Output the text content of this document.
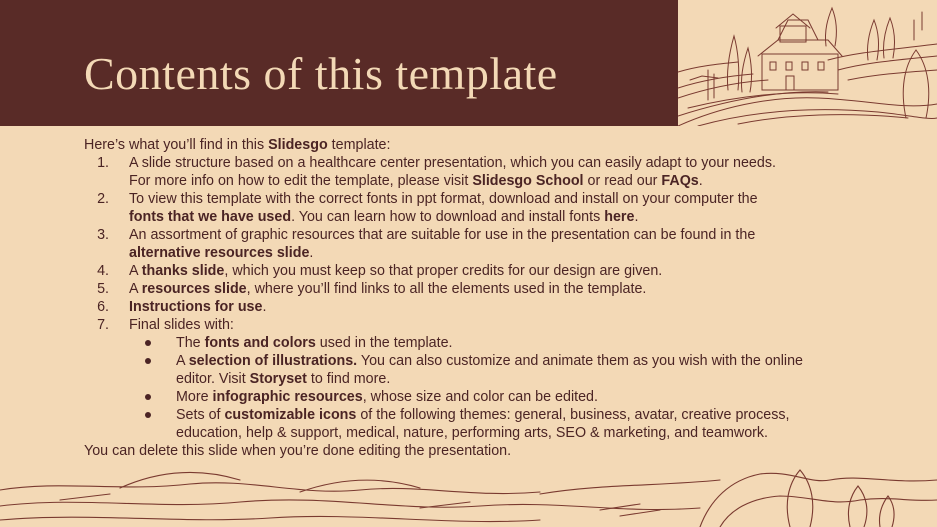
Contents of this template

Here’s what you’ll find in this Slidesgo template:

1. A slide structure based on a healthcare center presentation, which you can easily adapt to your needs.
For more info on how to edit the template, please visit Slidesgo School or read our FAQs.
2. To view this template with the correct fonts in ppt format, download and install on your computer the
fonts that we have used. You can learn how to download and install fonts here.
3. An assortment of graphic resources that are suitable for use in the presentation can be found in the
alternative resources slide.
4. A thanks slide, which you must keep so that proper credits for our design are given.
5. A resources slide, where you’ll find links to all the elements used in the template.
6. Instructions for use.
7. Final slides with:
The fonts and colors used in the template.
A selection of illustrations. You can also customize and animate them as you wish with the online
editor. Visit Storyset to find more.
More infographic resources, whose size and color can be edited.
Sets of customizable icons of the following themes: general, business, avatar, creative process,
education, help & support, medical, nature, performing arts, SEO & marketing, and teamwork.

You can delete this slide when you’re done editing the presentation.
